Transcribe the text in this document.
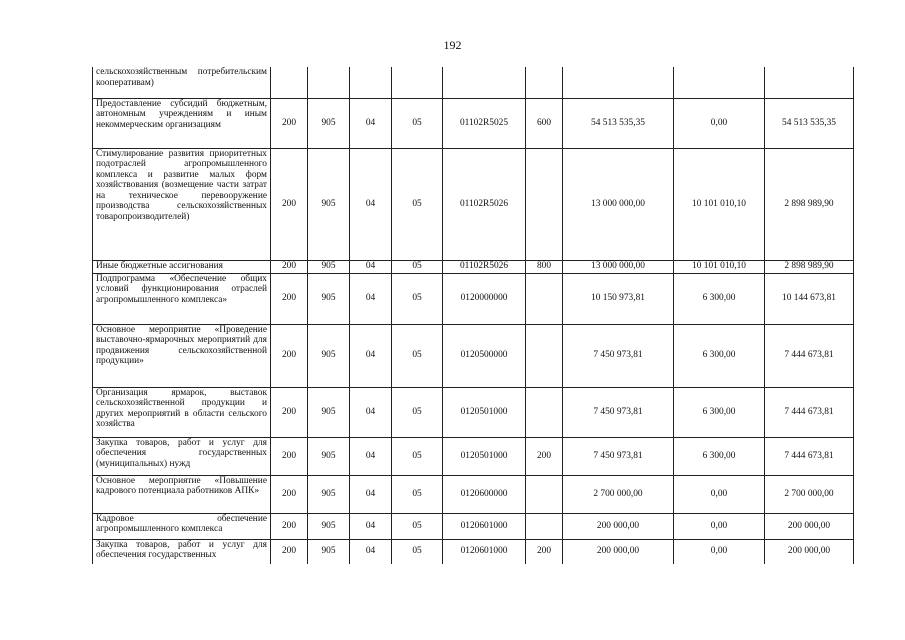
192
сельскохозяйственным потребительским кооперативам)									
Предоставление субсидий бюджетным, автономным учреждениям и иным некоммерческим организациям	200	905	04	05	01102R5025	600	54 513 535,35	0,00	54 513 535,35
Стимулирование развития приоритетных подотраслей агропромышленного комплекса и развитие малых форм хозяйствования (возмещение части затрат на техническое перевооружение производства сельскохозяйственных товаропроизводителей)	200	905	04	05	01102R5026		13 000 000,00	10 101 010,10	2 898 989,90
Иные бюджетные ассигнования	200	905	04	05	01102R5026	800	13 000 000,00	10 101 010,10	2 898 989,90
Подпрограмма «Обеспечение общих условий функционирования отраслей агропромышленного комплекса»	200	905	04	05	0120000000		10 150 973,81	6 300,00	10 144 673,81
Основное мероприятие «Проведение выставочно-ярмарочных мероприятий для продвижения сельскохозяйственной продукции»	200	905	04	05	0120500000		7 450 973,81	6 300,00	7 444 673,81
Организация ярмарок, выставок сельскохозяйственной продукции и других мероприятий в области сельского хозяйства	200	905	04	05	0120501000		7 450 973,81	6 300,00	7 444 673,81
Закупка товаров, работ и услуг для обеспечения государственных (муниципальных) нужд	200	905	04	05	0120501000	200	7 450 973,81	6 300,00	7 444 673,81
Основное мероприятие «Повышение кадрового потенциала работников АПК»	200	905	04	05	0120600000		2 700 000,00	0,00	2 700 000,00
Кадровое обеспечение агропромышленного комплекса	200	905	04	05	0120601000		200 000,00	0,00	200 000,00
Закупка товаров, работ и услуг для обеспечения государственных	200	905	04	05	0120601000	200	200 000,00	0,00	200 000,00
